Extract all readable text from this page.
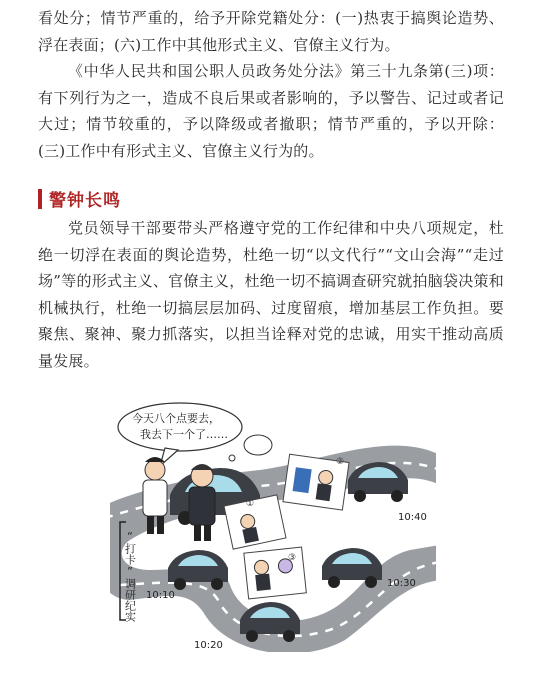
看处分；情节严重的，给予开除党籍处分：(一)热衷于搞舆论造势、浮在表面；(六)工作中其他形式主义、官僚主义行为。

《中华人民共和国公职人员政务处分法》第三十九条第(三)项：有下列行为之一，造成不良后果或者影响的，予以警告、记过或者记大过；情节较重的，予以降级或者撤职；情节严重的，予以开除：(三)工作中有形式主义、官僚主义行为的。

警钟长鸣

党员领导干部要带头严格遵守党的工作纪律和中央八项规定，杜绝一切浮在表面的舆论造势，杜绝一切“以文代行”“文山会海”“走过场”等的形式主义、官僚主义，杜绝一切不搞调查研究就拍脑袋决策和机械执行，杜绝一切搞层层加码、过度留痕，增加基层工作负担。要聚焦、聚神、聚力抓落实，以担当诠释对党的忠诚，用实干推动高质量发展。

今天八个点要去，
我去下一个了……
①
②
③
10:40
10:30
10:10
10:20
“打卡”调研纪实
